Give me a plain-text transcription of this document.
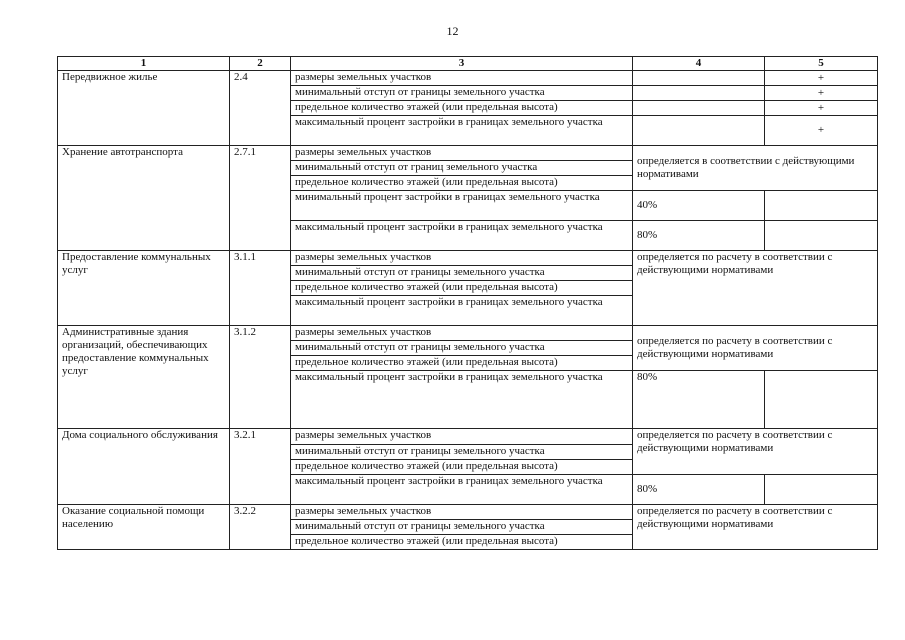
12
1	2	3	4	5
Передвижное жилье	2.4	размеры земельных участков		+
		минимальный отступ от границы земельного участка		+
		предельное количество этажей (или предельная высота)		+
		максимальный процент застройки в границах земельного участка		+
Хранение автотранспорта	2.7.1	размеры земельных участков	определяется в соответствии с действующими нормативами	
		минимальный отступ от границ земельного участка		
		предельное количество этажей (или предельная высота)		
		минимальный процент застройки в границах земельного участка	40%	
		максимальный процент застройки в границах земельного участка	80%	
Предоставление коммунальных услуг	3.1.1	размеры земельных участков	определяется по расчету в соответствии с действующими нормативами	
		минимальный отступ от границы земельного участка		
		предельное количество этажей (или предельная высота)		
		максимальный процент застройки в границах земельного участка		
Административные здания организаций, обеспечивающих предоставление коммунальных услуг	3.1.2	размеры земельных участков	определяется по расчету в соответствии с действующими нормативами	
		минимальный отступ от границы земельного участка		
		предельное количество этажей (или предельная высота)		
		максимальный процент застройки в границах земельного участка	80%	
Дома социального обслуживания	3.2.1	размеры земельных участков	определяется по расчету в соответствии с действующими нормативами	
		минимальный отступ от границы земельного участка		
		предельное количество этажей (или предельная высота)		
		максимальный процент застройки в границах земельного участка	80%	
Оказание социальной помощи населению	3.2.2	размеры земельных участков	определяется по расчету в соответствии с действующими нормативами	
		минимальный отступ от границы земельного участка		
		предельное количество этажей (или предельная высота)		
